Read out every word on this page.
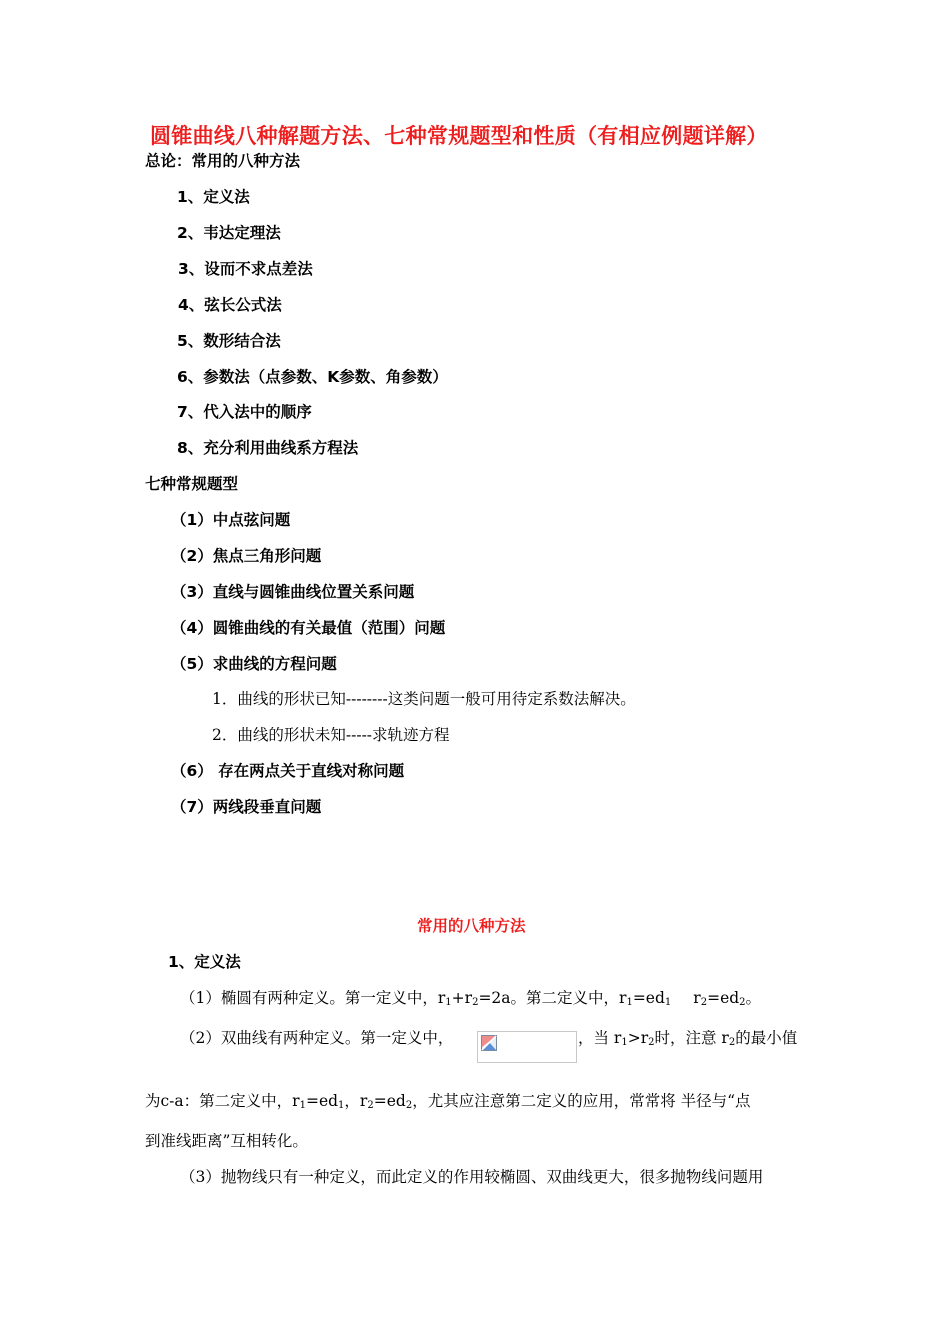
圆锥曲线八种解题方法、七种常规题型和性质（有相应例题详解）
总论：常用的八种方法
1、定义法
2、韦达定理法
3、设而不求点差法
4、弦长公式法
5、数形结合法
6、参数法（点参数、K参数、角参数）
7、代入法中的顺序
8、充分利用曲线系方程法
七种常规题型
（1）中点弦问题
（2）焦点三角形问题
（3）直线与圆锥曲线位置关系问题
（4）圆锥曲线的有关最值（范围）问题
（5）求曲线的方程问题
1．曲线的形状已知--------这类问题一般可用待定系数法解决。
2．曲线的形状未知-----求轨迹方程
（6） 存在两点关于直线对称问题
（7）两线段垂直问题
常用的八种方法
1、定义法
（1）椭圆有两种定义。第一定义中，$r_1+r_2=2a$。第二定义中，$r_1=ed_1$ $r_2=ed_2$。
（2）双曲线有两种定义。第一定义中，	，当 $r_1>r_2$时，注意 $r_2$的最小值
为c-a：第二定义中，$r_1=ed_1$，$r_2=ed_2$，尤其应注意第二定义的应用，常常将 半径与“点
到准线距离”互相转化。
（3）抛物线只有一种定义，而此定义的作用较椭圆、双曲线更大，很多抛物线问题用
